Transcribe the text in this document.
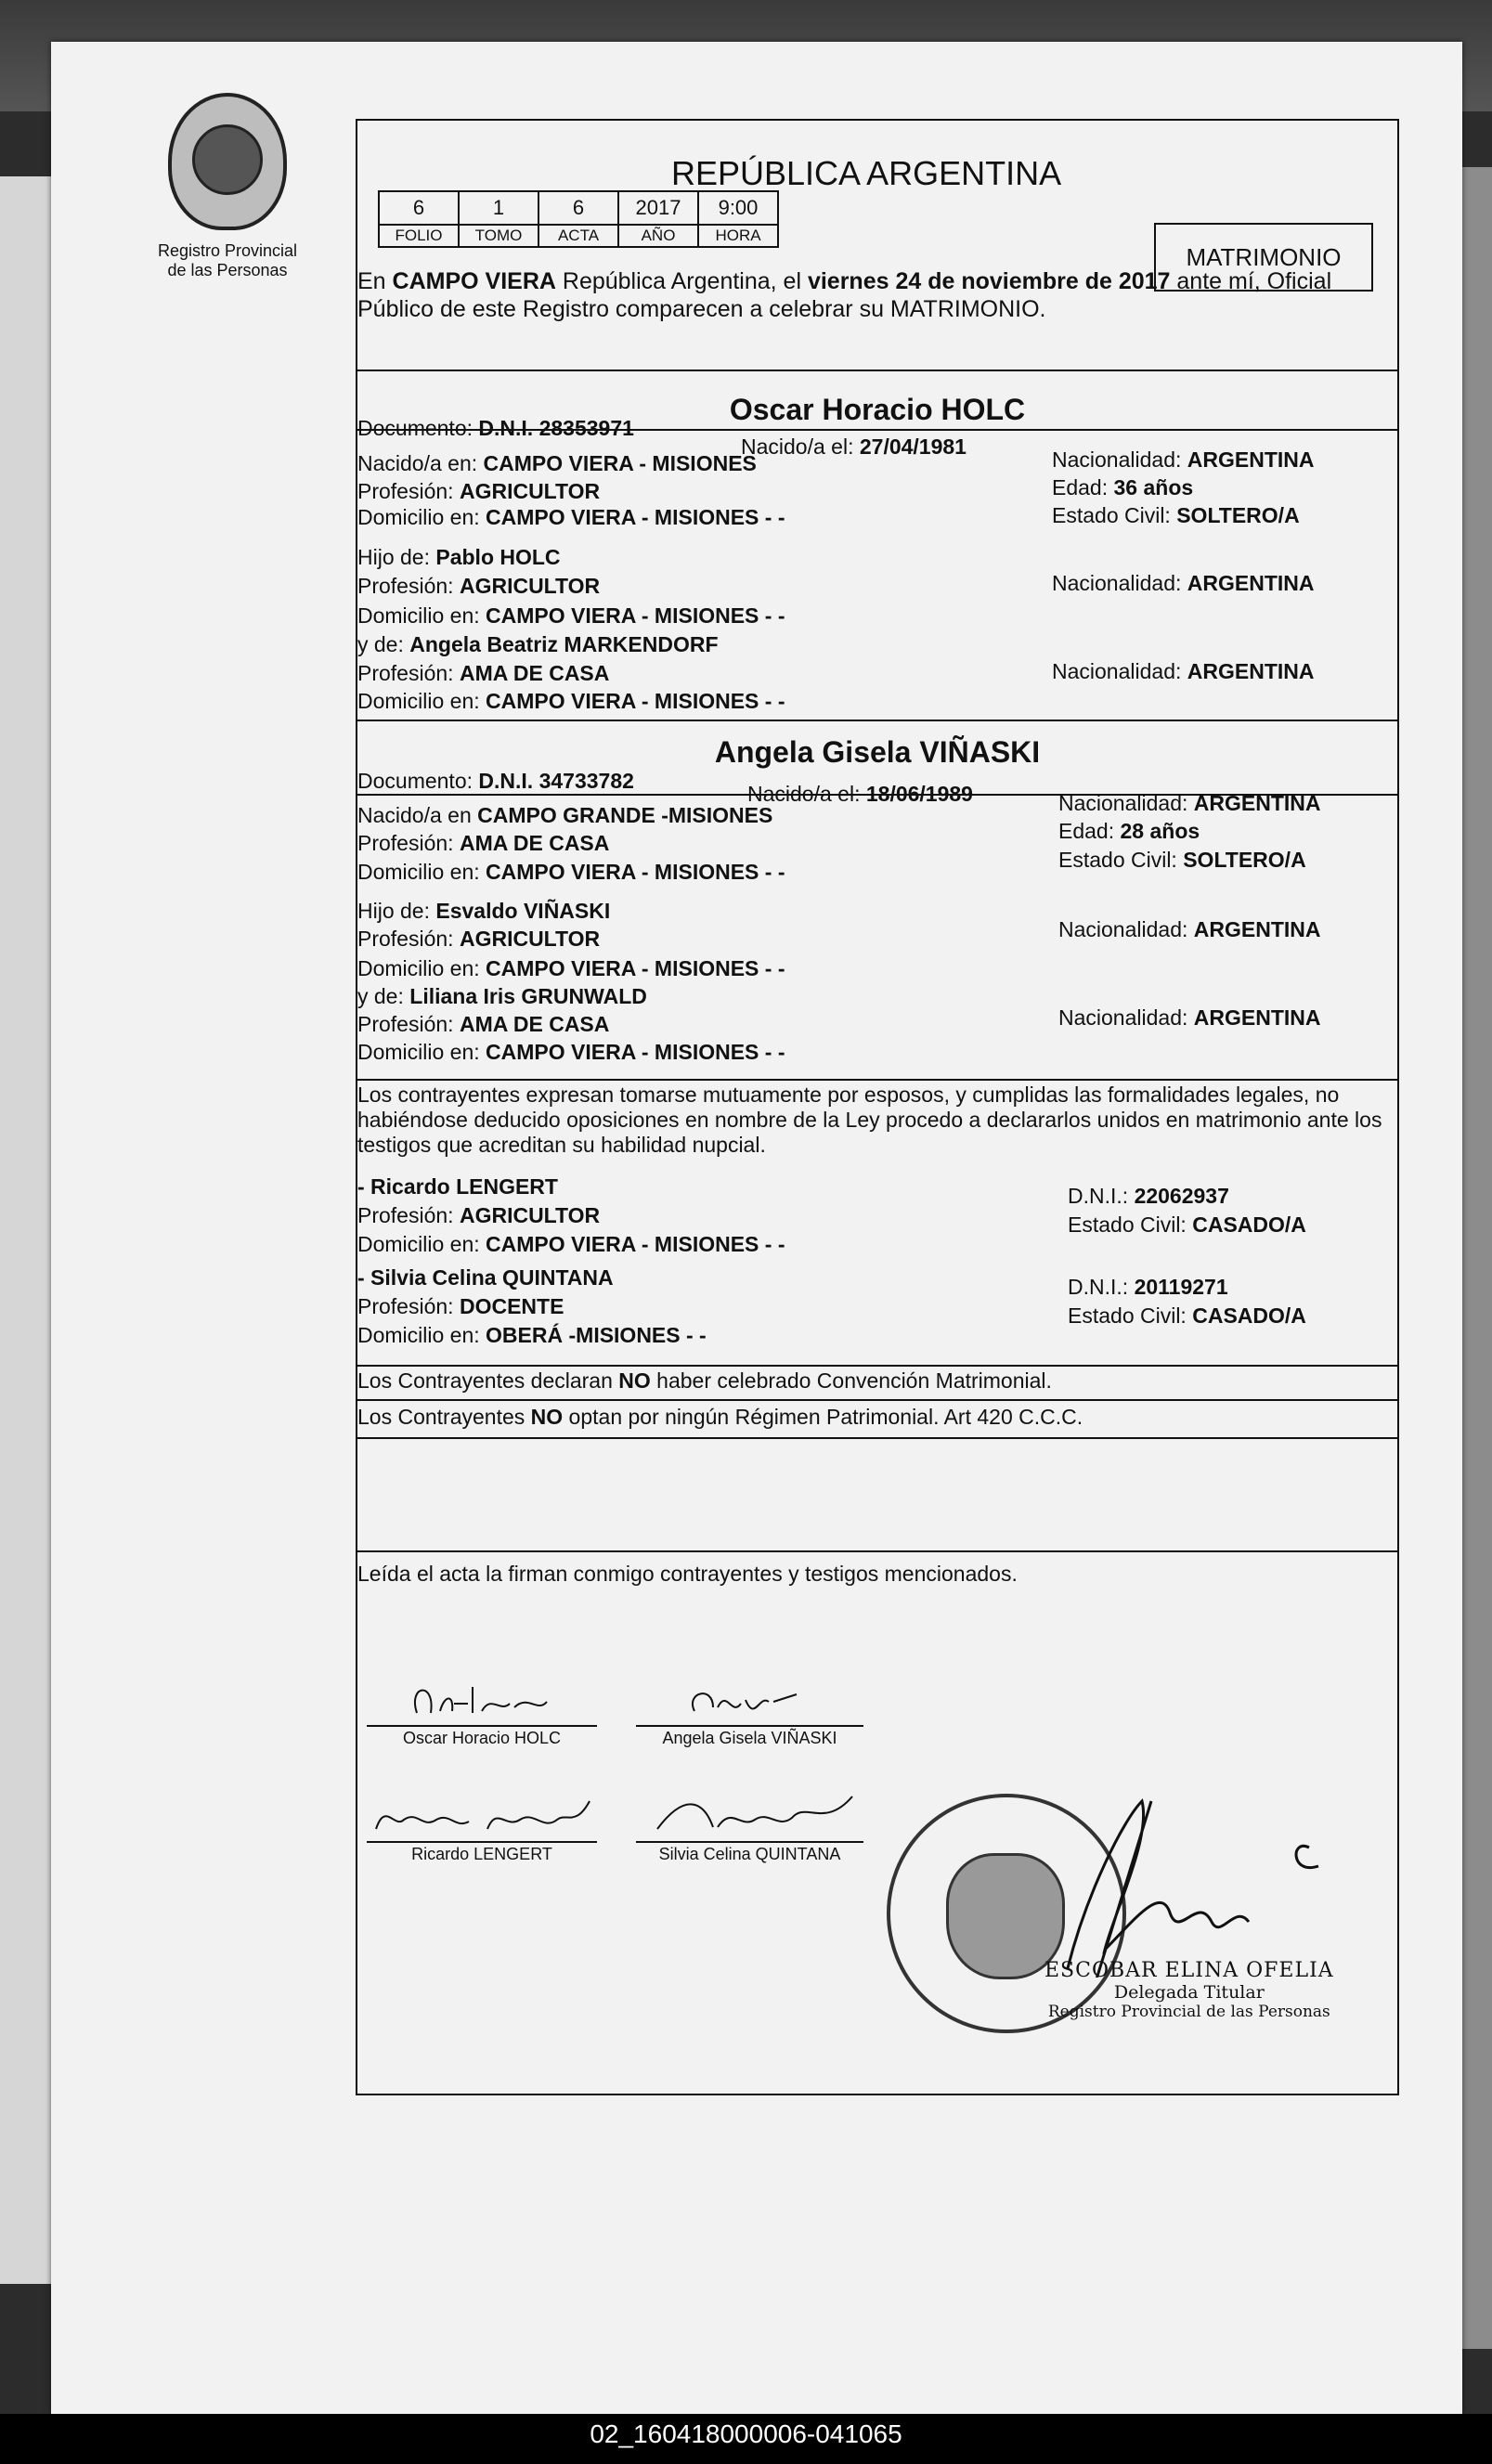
Registro Provincial
de las Personas
REPÚBLICA ARGENTINA
6	1	6	2017	9:00
FOLIO	TOMO	ACTA	AÑO	HORA
MATRIMONIO
En CAMPO VIERA República Argentina, el viernes 24 de noviembre de 2017 ante mí, Oficial Público de este Registro comparecen a celebrar su MATRIMONIO.
Oscar Horacio HOLC
Documento: D.N.I. 28353971
Nacido/a el: 27/04/1981
Nacionalidad: ARGENTINA
Nacido/a en: CAMPO VIERA - MISIONES
Edad: 36 años
Profesión: AGRICULTOR
Estado Civil: SOLTERO/A
Domicilio en: CAMPO VIERA - MISIONES - -
Hijo de: Pablo HOLC
Profesión: AGRICULTOR	Nacionalidad: ARGENTINA
Domicilio en: CAMPO VIERA - MISIONES - -
y de: Angela Beatriz MARKENDORF
Profesión: AMA DE CASA	Nacionalidad: ARGENTINA
Domicilio en: CAMPO VIERA - MISIONES - -
Angela Gisela VIÑASKI
Documento: D.N.I. 34733782
Nacido/a el: 18/06/1989	Nacionalidad: ARGENTINA
Nacido/a en CAMPO GRANDE -MISIONES
Edad: 28 años
Profesión: AMA DE CASA
Estado Civil: SOLTERO/A
Domicilio en: CAMPO VIERA - MISIONES - -
Hijo de: Esvaldo VIÑASKI
Profesión: AGRICULTOR	Nacionalidad: ARGENTINA
Domicilio en: CAMPO VIERA - MISIONES - -
y de: Liliana Iris GRUNWALD
Profesión: AMA DE CASA	Nacionalidad: ARGENTINA
Domicilio en: CAMPO VIERA - MISIONES - -
Los contrayentes expresan tomarse mutuamente por esposos, y cumplidas las formalidades legales, no habiéndose deducido oposiciones en nombre de la Ley procedo a declararlos unidos en matrimonio ante los testigos que acreditan su habilidad nupcial.
- Ricardo LENGERT	D.N.I.: 22062937
Profesión: AGRICULTOR	Estado Civil: CASADO/A
Domicilio en: CAMPO VIERA - MISIONES - -
- Silvia Celina QUINTANA	D.N.I.: 20119271
Profesión: DOCENTE	Estado Civil: CASADO/A
Domicilio en: OBERÁ -MISIONES - -
Los Contrayentes declaran NO haber celebrado Convención Matrimonial.
Los Contrayentes NO optan por ningún Régimen Patrimonial. Art 420 C.C.C.
Leída el acta la firman conmigo contrayentes y testigos mencionados.
Oscar Horacio HOLC	Angela Gisela VIÑASKI
Ricardo LENGERT	Silvia Celina QUINTANA
ESCOBAR ELINA OFELIA
Delegada Titular
Registro Provincial de las Personas
02_160418000006-041065
